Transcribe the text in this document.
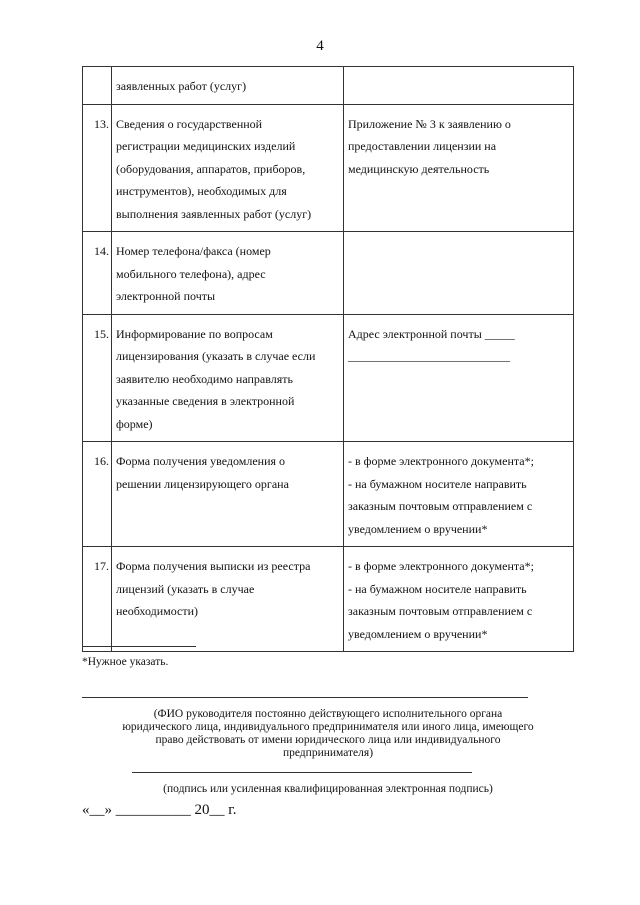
4

	заявленных работ (услуг)	

13.	Сведения о государственной
регистрации медицинских изделий
(оборудования, аппаратов, приборов,
инструментов), необходимых для
выполнения заявленных работ (услуг)	Приложение № 3 к заявлению о
предоставлении лицензии на
медицинскую деятельность

14.	Номер телефона/факса (номер
мобильного телефона), адрес
электронной почты	

15.	Информирование по вопросам
лицензирования (указать в случае если
заявителю необходимо направлять
указанные сведения в электронной
форме)	Адрес электронной почты _____
___________________________

16.	Форма получения уведомления о
решении лицензирующего органа	- в форме электронного документа*;
- на бумажном носителе направить
заказным почтовым отправлением с
уведомлением о вручении*

17.	Форма получения выписки из реестра
лицензий (указать в случае
необходимости)	- в форме электронного документа*;
- на бумажном носителе направить
заказным почтовым отправлением с
уведомлением о вручении*
*Нужное указать.
(ФИО руководителя постоянно действующего исполнительного органа
юридического лица, индивидуального предпринимателя или иного лица, имеющего
право действовать от имени юридического лица или индивидуального
предпринимателя)
(подпись или усиленная квалифицированная электронная подпись)
«__» __________ 20__ г.
